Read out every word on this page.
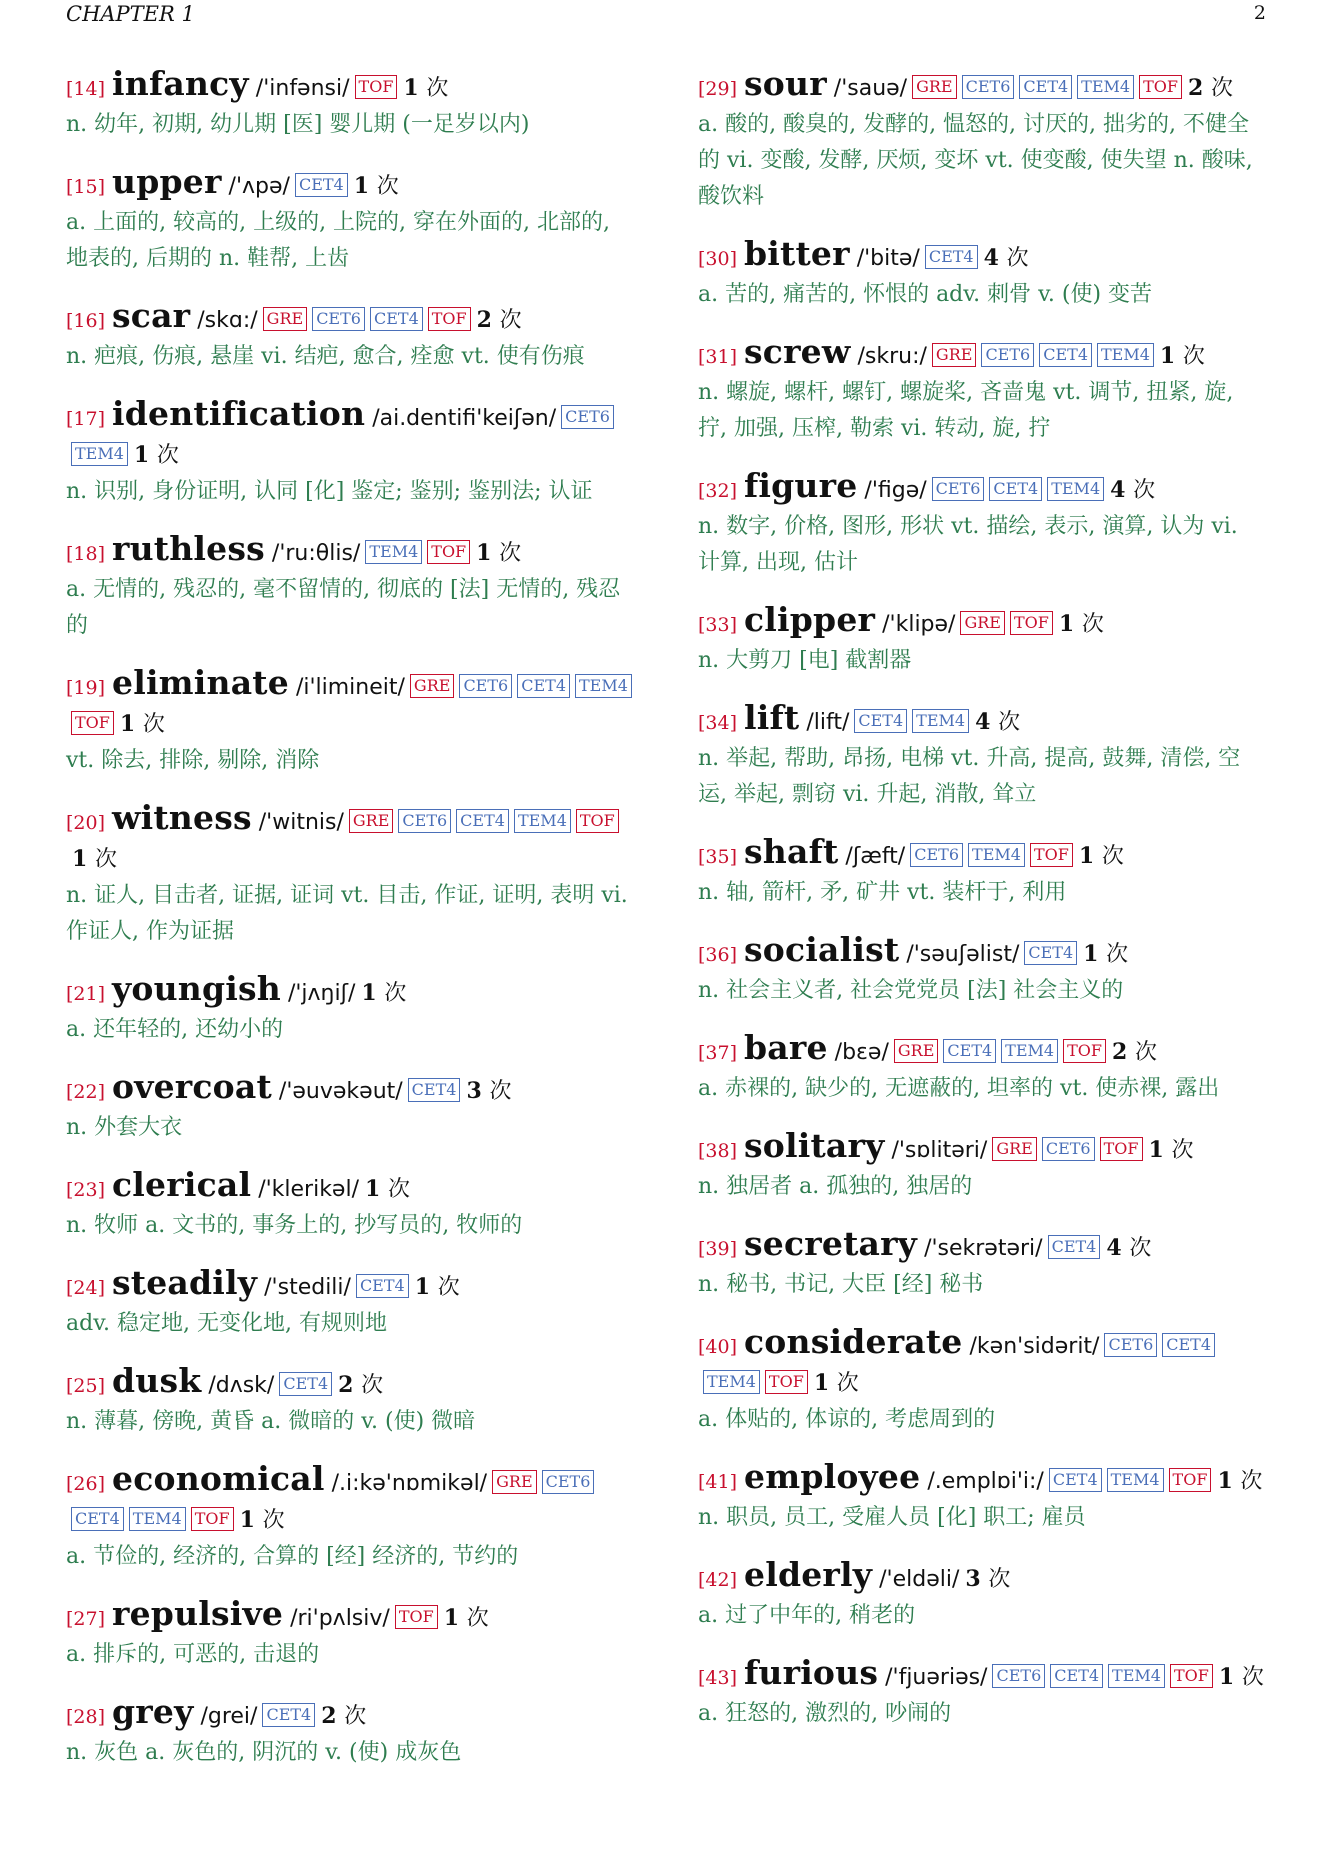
CHAPTER 1	2
[14] infancy /'infənsi/ TOF 1 次
n. 幼年, 初期, 幼儿期 [医] 婴儿期 (一足岁以内)
[15] upper /'ʌpə/ CET4 1 次
a. 上面的, 较高的, 上级的, 上院的, 穿在外面的, 北部的, 地表的, 后期的 n. 鞋帮, 上齿
[16] scar /skɑ:/ GRE CET6 CET4 TOF 2 次
n. 疤痕, 伤痕, 悬崖 vi. 结疤, 愈合, 痊愈 vt. 使有伤痕
[17] identification /ai.dentifi'keiʃən/ CET6TEM4 1 次
n. 识别, 身份证明, 认同 [化] 鉴定; 鉴别; 鉴别法; 认证
[18] ruthless /'ru:θlis/ TEM4 TOF 1 次
a. 无情的, 残忍的, 毫不留情的, 彻底的 [法] 无情的, 残忍的
[19] eliminate /i'limineit/ GRE CET6 CET4 TEM4TOF 1 次
vt. 除去, 排除, 剔除, 消除
[20] witness /'witnis/ GRE CET6 CET4 TEM4 TOF1 次
n. 证人, 目击者, 证据, 证词 vt. 目击, 作证, 证明, 表明 vi. 作证人, 作为证据
[21] youngish /'jʌŋiʃ/ 1 次
a. 还年轻的, 还幼小的
[22] overcoat /'əuvəkəut/ CET4 3 次
n. 外套大衣
[23] clerical /'klerikəl/ 1 次
n. 牧师 a. 文书的, 事务上的, 抄写员的, 牧师的
[24] steadily /'stedili/ CET4 1 次
adv. 稳定地, 无变化地, 有规则地
[25] dusk /dʌsk/ CET4 2 次
n. 薄暮, 傍晚, 黄昏 a. 微暗的 v. (使) 微暗
[26] economical /.i:kə'nɒmikəl/ GRE CET6CET4 TEM4 TOF 1 次
a. 节俭的, 经济的, 合算的 [经] 经济的, 节约的
[27] repulsive /ri'pʌlsiv/ TOF 1 次
a. 排斥的, 可恶的, 击退的
[28] grey /grei/ CET4 2 次
n. 灰色 a. 灰色的, 阴沉的 v. (使) 成灰色
[29] sour /'sauə/ GRE CET6 CET4 TEM4 TOF 2 次
a. 酸的, 酸臭的, 发酵的, 愠怒的, 讨厌的, 拙劣的, 不健全的 vi. 变酸, 发酵, 厌烦, 变坏 vt. 使变酸, 使失望 n. 酸味, 酸饮料
[30] bitter /'bitə/ CET4 4 次
a. 苦的, 痛苦的, 怀恨的 adv. 刺骨 v. (使) 变苦
[31] screw /skru:/ GRE CET6 CET4 TEM4 1 次
n. 螺旋, 螺杆, 螺钉, 螺旋桨, 吝啬鬼 vt. 调节, 扭紧, 旋, 拧, 加强, 压榨, 勒索 vi. 转动, 旋, 拧
[32] figure /'figə/ CET6 CET4 TEM4 4 次
n. 数字, 价格, 图形, 形状 vt. 描绘, 表示, 演算, 认为 vi. 计算, 出现, 估计
[33] clipper /'klipə/ GRE TOF 1 次
n. 大剪刀 [电] 截割器
[34] lift /lift/ CET4 TEM4 4 次
n. 举起, 帮助, 昂扬, 电梯 vt. 升高, 提高, 鼓舞, 清偿, 空运, 举起, 剽窃 vi. 升起, 消散, 耸立
[35] shaft /ʃæft/ CET6 TEM4 TOF 1 次
n. 轴, 箭杆, 矛, 矿井 vt. 装杆于, 利用
[36] socialist /'səuʃəlist/ CET4 1 次
n. 社会主义者, 社会党党员 [法] 社会主义的
[37] bare /bɛə/ GRE CET4 TEM4 TOF 2 次
a. 赤裸的, 缺少的, 无遮蔽的, 坦率的 vt. 使赤裸, 露出
[38] solitary /'sɒlitəri/ GRE CET6 TOF 1 次
n. 独居者 a. 孤独的, 独居的
[39] secretary /'sekrətəri/ CET4 4 次
n. 秘书, 书记, 大臣 [经] 秘书
[40] considerate /kən'sidərit/ CET6 CET4TEM4 TOF 1 次
a. 体贴的, 体谅的, 考虑周到的
[41] employee /.emplɒi'i:/ CET4 TEM4 TOF 1 次
n. 职员, 员工, 受雇人员 [化] 职工; 雇员
[42] elderly /'eldəli/ 3 次
a. 过了中年的, 稍老的
[43] furious /'fjuəriəs/ CET6 CET4 TEM4 TOF 1 次
a. 狂怒的, 激烈的, 吵闹的
